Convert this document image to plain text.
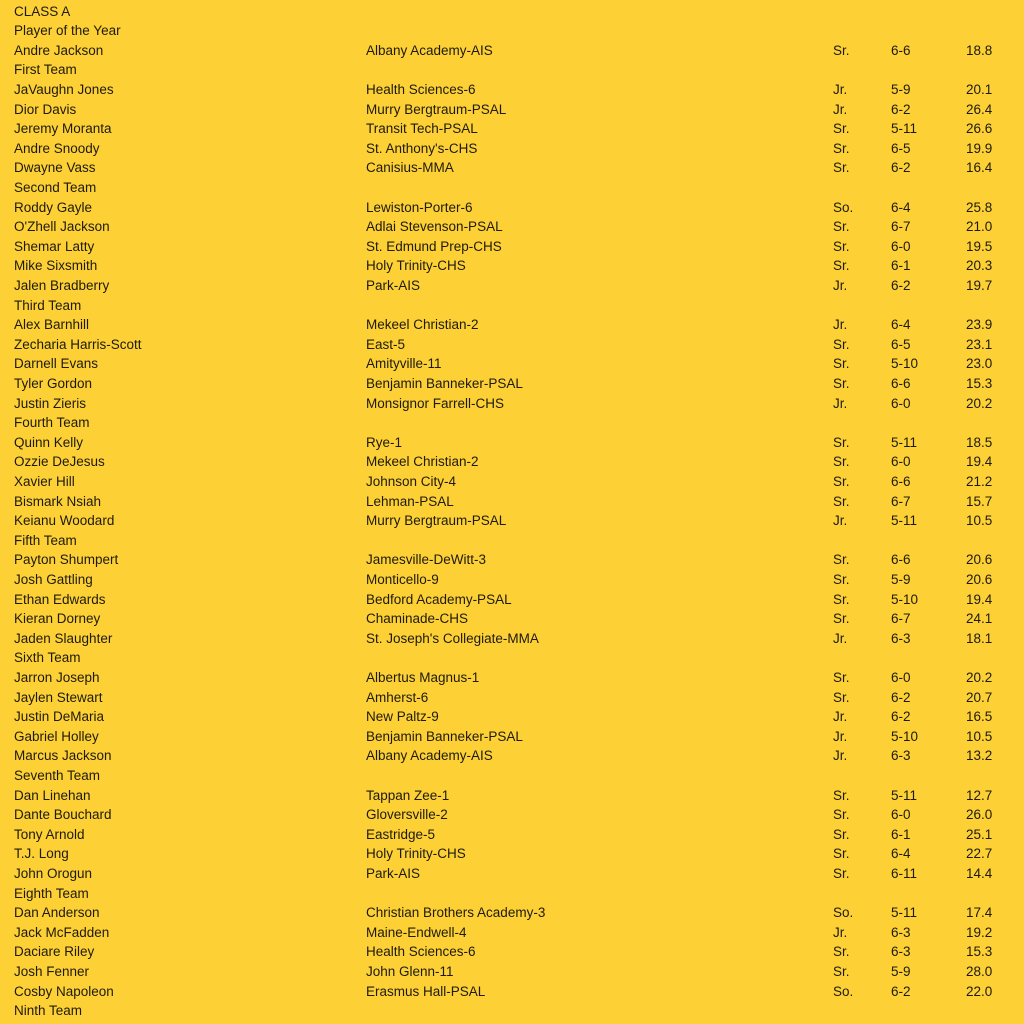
CLASS A
Player of the Year
Andre Jackson	Albany Academy-AIS	Sr.	6-6	18.8
First Team
JaVaughn Jones	Health Sciences-6	Jr.	5-9	20.1
Dior Davis	Murry Bergtraum-PSAL	Jr.	6-2	26.4
Jeremy Moranta	Transit Tech-PSAL	Sr.	5-11	26.6
Andre Snoody	St. Anthony's-CHS	Sr.	6-5	19.9
Dwayne Vass	Canisius-MMA	Sr.	6-2	16.4
Second Team
Roddy Gayle	Lewiston-Porter-6	So.	6-4	25.8
O'Zhell Jackson	Adlai Stevenson-PSAL	Sr.	6-7	21.0
Shemar Latty	St. Edmund Prep-CHS	Sr.	6-0	19.5
Mike Sixsmith	Holy Trinity-CHS	Sr.	6-1	20.3
Jalen Bradberry	Park-AIS	Jr.	6-2	19.7
Third Team
Alex Barnhill	Mekeel Christian-2	Jr.	6-4	23.9
Zecharia Harris-Scott	East-5	Sr.	6-5	23.1
Darnell Evans	Amityville-11	Sr.	5-10	23.0
Tyler Gordon	Benjamin Banneker-PSAL	Sr.	6-6	15.3
Justin Zieris	Monsignor Farrell-CHS	Jr.	6-0	20.2
Fourth Team
Quinn Kelly	Rye-1	Sr.	5-11	18.5
Ozzie DeJesus	Mekeel Christian-2	Sr.	6-0	19.4
Xavier Hill	Johnson City-4	Sr.	6-6	21.2
Bismark Nsiah	Lehman-PSAL	Sr.	6-7	15.7
Keianu Woodard	Murry Bergtraum-PSAL	Jr.	5-11	10.5
Fifth Team
Payton Shumpert	Jamesville-DeWitt-3	Sr.	6-6	20.6
Josh Gattling	Monticello-9	Sr.	5-9	20.6
Ethan Edwards	Bedford Academy-PSAL	Sr.	5-10	19.4
Kieran Dorney	Chaminade-CHS	Sr.	6-7	24.1
Jaden Slaughter	St. Joseph's Collegiate-MMA	Jr.	6-3	18.1
Sixth Team
Jarron Joseph	Albertus Magnus-1	Sr.	6-0	20.2
Jaylen Stewart	Amherst-6	Sr.	6-2	20.7
Justin DeMaria	New Paltz-9	Jr.	6-2	16.5
Gabriel Holley	Benjamin Banneker-PSAL	Jr.	5-10	10.5
Marcus Jackson	Albany Academy-AIS	Jr.	6-3	13.2
Seventh Team
Dan Linehan	Tappan Zee-1	Sr.	5-11	12.7
Dante Bouchard	Gloversville-2	Sr.	6-0	26.0
Tony Arnold	Eastridge-5	Sr.	6-1	25.1
T.J. Long	Holy Trinity-CHS	Sr.	6-4	22.7
John Orogun	Park-AIS	Sr.	6-11	14.4
Eighth Team
Dan Anderson	Christian Brothers Academy-3	So.	5-11	17.4
Jack McFadden	Maine-Endwell-4	Jr.	6-3	19.2
Daciare Riley	Health Sciences-6	Sr.	6-3	15.3
Josh Fenner	John Glenn-11	Sr.	5-9	28.0
Cosby Napoleon	Erasmus Hall-PSAL	So.	6-2	22.0
Ninth Team
